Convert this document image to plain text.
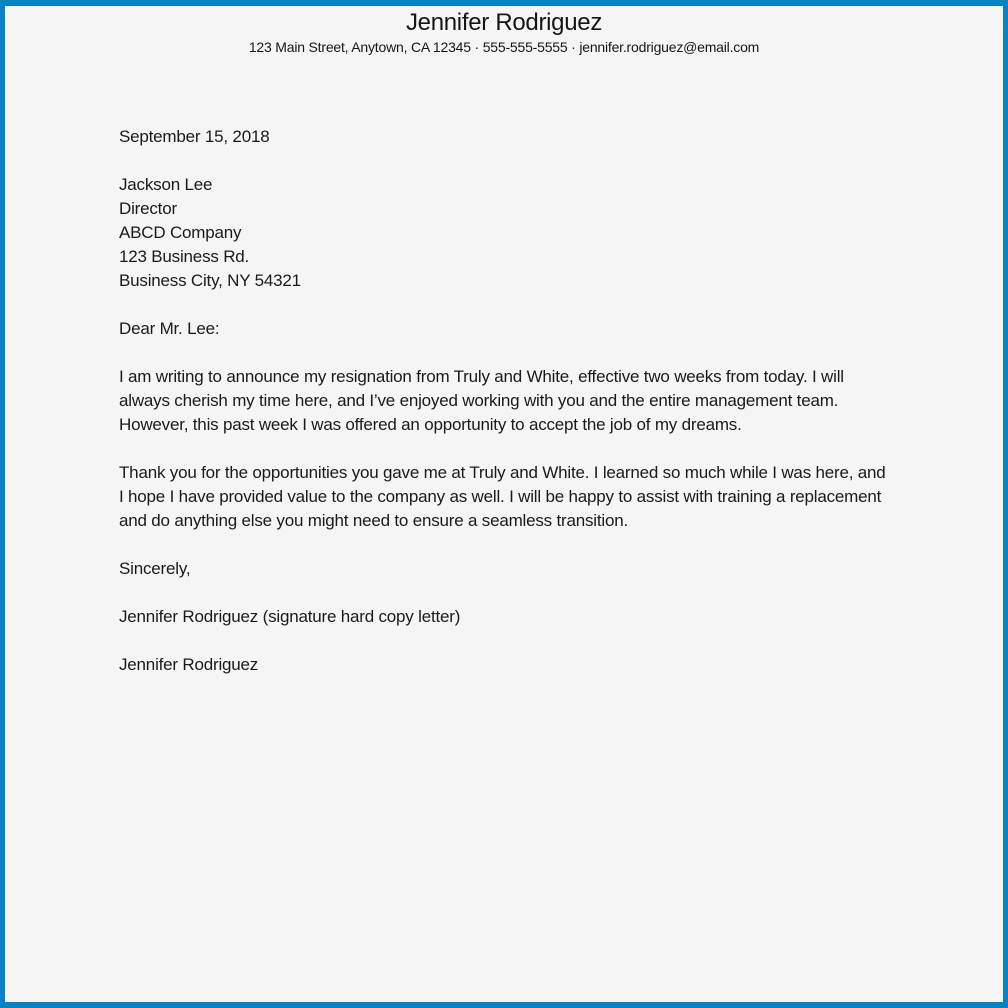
Jennifer Rodriguez
123 Main Street, Anytown, CA 12345 · 555-555-5555 · jennifer.rodriguez@email.com
September 15, 2018
Jackson Lee
Director
ABCD Company
123 Business Rd.
Business City, NY 54321
Dear Mr. Lee:
I am writing to announce my resignation from Truly and White, effective two weeks from today. I will always cherish my time here, and I’ve enjoyed working with you and the entire management team. However, this past week I was offered an opportunity to accept the job of my dreams.
Thank you for the opportunities you gave me at Truly and White. I learned so much while I was here, and I hope I have provided value to the company as well. I will be happy to assist with training a replacement and do anything else you might need to ensure a seamless transition.
Sincerely,
Jennifer Rodriguez (signature hard copy letter)
Jennifer Rodriguez
